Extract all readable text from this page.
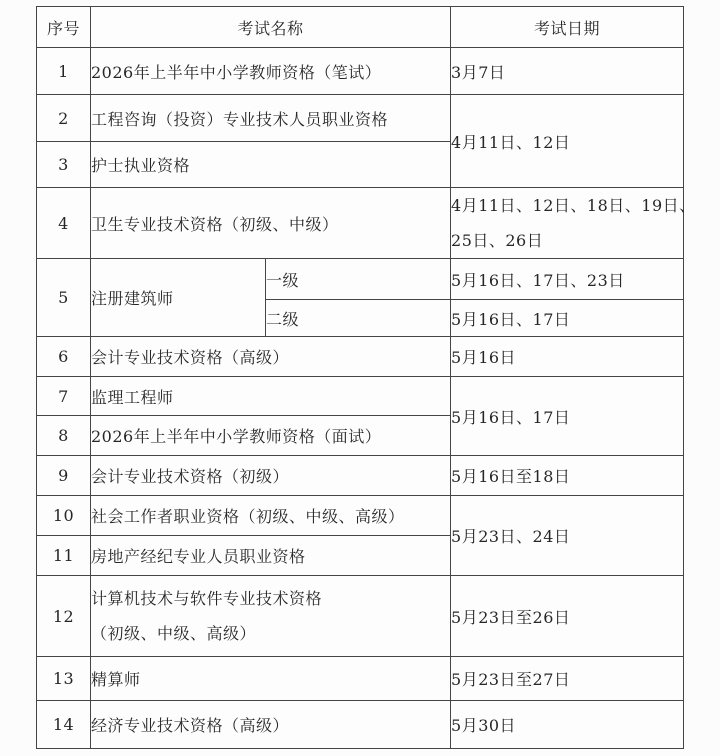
序号	考试名称		考试日期
1	2026年上半年中小学教师资格（笔试）		3月7日
2	工程咨询（投资）专业技术人员职业资格		4月11日、12日
3	护士执业资格		
4	卫生专业技术资格（初级、中级）		4月11日、12日、18日、19日、
25日、26日

5	注册建筑师	一级	5月16日、17日、23日
		二级	5月16日、17日
6	会计专业技术资格（高级）		5月16日
7	监理工程师		5月16日、17日
8	2026年上半年中小学教师资格（面试）		
9	会计专业技术资格（初级）		5月16日至18日
10	社会工作者职业资格（初级、中级、高级）		5月23日、24日
11	房地产经纪专业人员职业资格		
12	计算机技术与软件专业技术资格
（初级、中级、高级）		5月23日至26日
13	精算师		5月23日至27日
14	经济专业技术资格（高级）		5月30日
